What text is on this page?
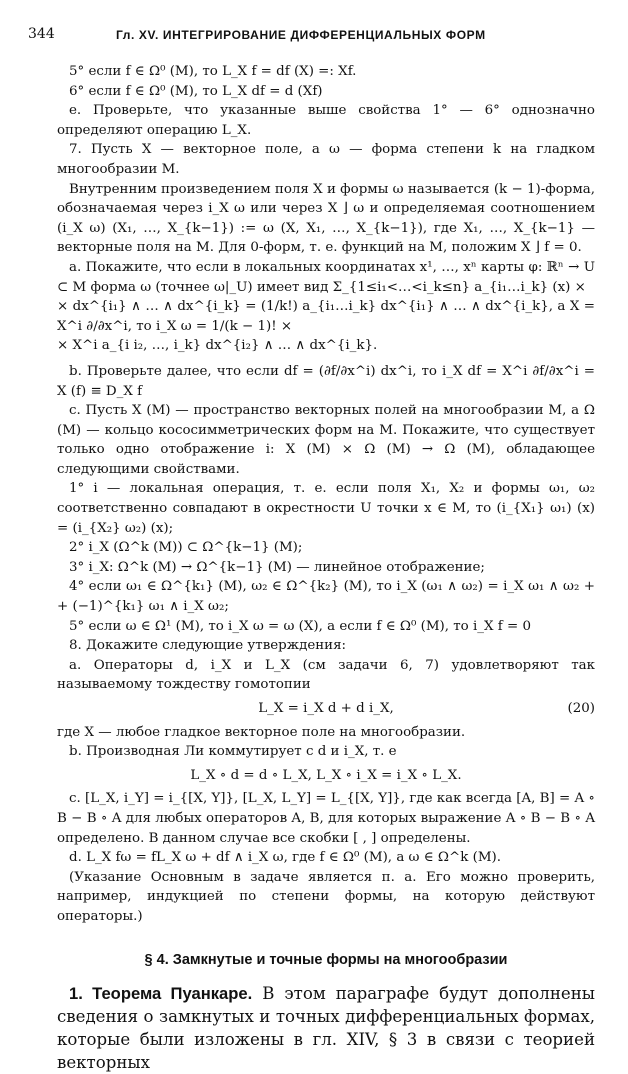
344	Гл. XV. ИНТЕГРИРОВАНИЕ ДИФФЕРЕНЦИАЛЬНЫХ ФОРМ

5° если f ∈ Ω⁰ (M), то L_X f = df (X) =: Xf.

6° если f ∈ Ω⁰ (M), то L_X df = d (Xf)

e. Проверьте, что указанные выше свойства 1° — 6° однозначно определяют операцию L_X.

7. Пусть X — векторное поле, а ω — форма степени k на гладком многообразии M.

Внутренним произведением поля X и формы ω называется (k − 1)-форма, обозначаемая через i_X ω или через X ⌋ ω и определяемая соотношением (i_X ω) (X₁, …, X_{k−1}) := ω (X, X₁, …, X_{k−1}), где X₁, …, X_{k−1} — векторные поля на M. Для 0-форм, т. е. функций на M, положим X ⌋ f = 0.

a. Покажите, что если в локальных координатах x¹, …, xⁿ карты φ: ℝⁿ → U ⊂ M форма ω (точнее ω|_U) имеет вид Σ_{1≤i₁<…<i_k≤n} a_{i₁…i_k} (x) ×

× dx^{i₁} ∧ … ∧ dx^{i_k} = (1/k!) a_{i₁…i_k} dx^{i₁} ∧ … ∧ dx^{i_k}, а X = X^i ∂/∂x^i, то i_X ω = 1/(k − 1)! ×

× X^i a_{i i₂, …, i_k} dx^{i₂} ∧ … ∧ dx^{i_k}.

b. Проверьте далее, что если df = (∂f/∂x^i) dx^i, то i_X df = X^i ∂f/∂x^i = X (f) ≡ D_X f

c. Пусть X (M) — пространство векторных полей на многообразии M, а Ω (M) — кольцо кососимметрических форм на M. Покажите, что существует только одно отображение i: X (M) × Ω (M) → Ω (M), обладающее следующими свойствами.

1° i — локальная операция, т. е. если поля X₁, X₂ и формы ω₁, ω₂ соответственно совпадают в окрестности U точки x ∈ M, то (i_{X₁} ω₁) (x) = (i_{X₂} ω₂) (x);

2° i_X (Ω^k (M)) ⊂ Ω^{k−1} (M);

3° i_X: Ω^k (M) → Ω^{k−1} (M) — линейное отображение;

4° если ω₁ ∈ Ω^{k₁} (M), ω₂ ∈ Ω^{k₂} (M), то i_X (ω₁ ∧ ω₂) = i_X ω₁ ∧ ω₂ + + (−1)^{k₁} ω₁ ∧ i_X ω₂;

5° если ω ∈ Ω¹ (M), то i_X ω = ω (X), а если f ∈ Ω⁰ (M), то i_X f = 0

8. Докажите следующие утверждения:

a. Операторы d, i_X и L_X (см задачи 6, 7) удовлетворяют так называемому тождеству гомотопии

L_X = i_X d + d i_X,	(20)

где X — любое гладкое векторное поле на многообразии.

b. Производная Ли коммутирует с d и i_X, т. е

L_X ∘ d = d ∘ L_X, L_X ∘ i_X = i_X ∘ L_X.

c. [L_X, i_Y] = i_{[X, Y]}, [L_X, L_Y] = L_{[X, Y]}, где как всегда [A, B] = A ∘ B − B ∘ A для любых операторов A, B, для которых выражение A ∘ B − B ∘ A определено. В данном случае все скобки [ , ] определены.

d. L_X fω = fL_X ω + df ∧ i_X ω, где f ∈ Ω⁰ (M), а ω ∈ Ω^k (M).

(Указание Основным в задаче является п. a. Его можно проверить, например, индукцией по степени формы, на которую действуют операторы.)

§ 4. Замкнутые и точные формы на многообразии

1. Теорема Пуанкаре. В этом параграфе будут дополнены сведения о замкнутых и точных дифференциальных формах, которые были изложены в гл. XIV, § 3 в связи с теорией векторных
